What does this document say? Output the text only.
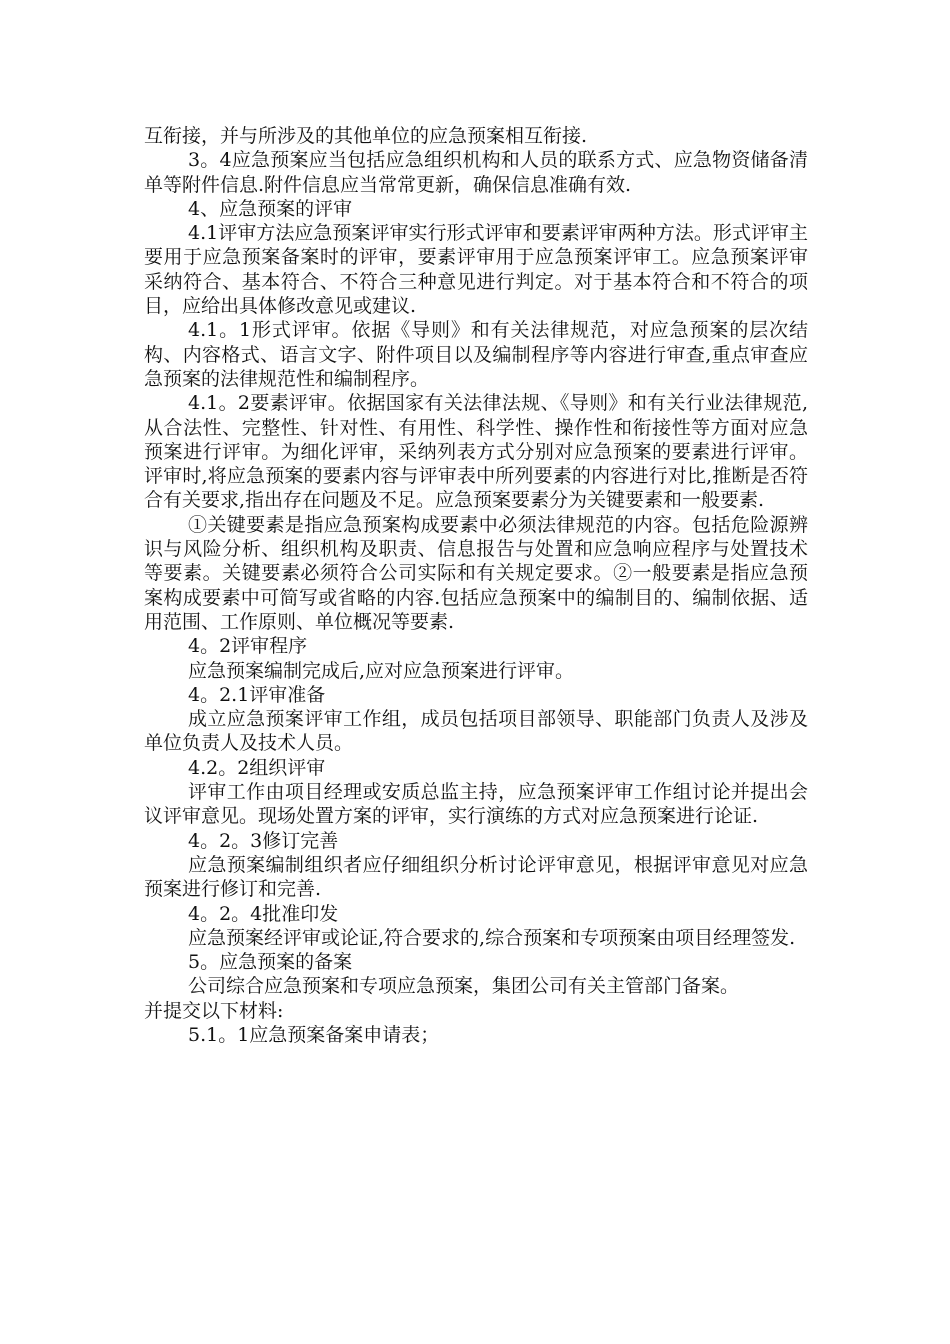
互衔接，并与所涉及的其他单位的应急预案相互衔接.

3。4应急预案应当包括应急组织机构和人员的联系方式、应急物资储备清单等附件信息.附件信息应当常常更新，确保信息准确有效.

4、应急预案的评审

4.1评审方法应急预案评审实行形式评审和要素评审两种方法。形式评审主要用于应急预案备案时的评审，要素评审用于应急预案评审工。应急预案评审采纳符合、基本符合、不符合三种意见进行判定。对于基本符合和不符合的项目，应给出具体修改意见或建议.

4.1。1形式评审。依据《导则》和有关法律规范，对应急预案的层次结构、内容格式、语言文字、附件项目以及编制程序等内容进行审查,重点审查应急预案的法律规范性和编制程序。

4.1。2要素评审。依据国家有关法律法规、《导则》和有关行业法律规范,从合法性、完整性、针对性、有用性、科学性、操作性和衔接性等方面对应急预案进行评审。为细化评审，采纳列表方式分别对应急预案的要素进行评审。评审时,将应急预案的要素内容与评审表中所列要素的内容进行对比,推断是否符合有关要求,指出存在问题及不足。应急预案要素分为关键要素和一般要素.

①关键要素是指应急预案构成要素中必须法律规范的内容。包括危险源辨识与风险分析、组织机构及职责、信息报告与处置和应急响应程序与处置技术等要素。关键要素必须符合公司实际和有关规定要求。②一般要素是指应急预案构成要素中可简写或省略的内容.包括应急预案中的编制目的、编制依据、适用范围、工作原则、单位概况等要素.

4。2评审程序

应急预案编制完成后,应对应急预案进行评审。

4。2.1评审准备

成立应急预案评审工作组，成员包括项目部领导、职能部门负责人及涉及单位负责人及技术人员。

4.2。2组织评审

评审工作由项目经理或安质总监主持，应急预案评审工作组讨论并提出会议评审意见。现场处置方案的评审，实行演练的方式对应急预案进行论证.

4。2。3修订完善

应急预案编制组织者应仔细组织分析讨论评审意见，根据评审意见对应急预案进行修订和完善.

4。2。4批准印发

应急预案经评审或论证,符合要求的,综合预案和专项预案由项目经理签发.

5。应急预案的备案

公司综合应急预案和专项应急预案，集团公司有关主管部门备案。

并提交以下材料:

5.1。1应急预案备案申请表；
